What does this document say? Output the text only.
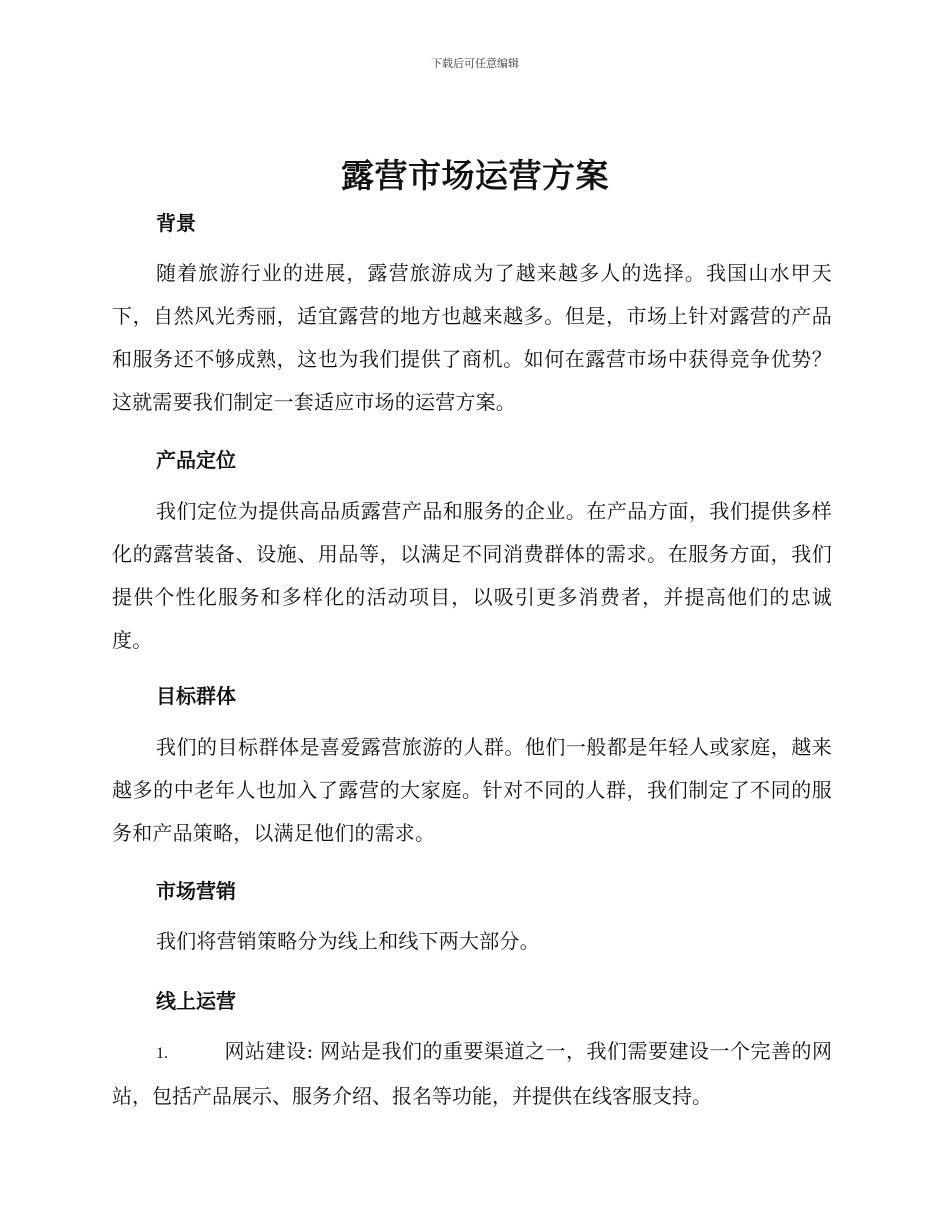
下载后可任意编辑
露营市场运营方案
背景

随着旅游行业的进展，露营旅游成为了越来越多人的选择。我国山水甲天下，自然风光秀丽，适宜露营的地方也越来越多。但是，市场上针对露营的产品和服务还不够成熟，这也为我们提供了商机。如何在露营市场中获得竞争优势？这就需要我们制定一套适应市场的运营方案。

产品定位

我们定位为提供高品质露营产品和服务的企业。在产品方面，我们提供多样化的露营装备、设施、用品等，以满足不同消费群体的需求。在服务方面，我们提供个性化服务和多样化的活动项目，以吸引更多消费者，并提高他们的忠诚度。

目标群体

我们的目标群体是喜爱露营旅游的人群。他们一般都是年轻人或家庭，越来越多的中老年人也加入了露营的大家庭。针对不同的人群，我们制定了不同的服务和产品策略，以满足他们的需求。

市场营销

我们将营销策略分为线上和线下两大部分。

线上运营

1.	网站建设: 网站是我们的重要渠道之一，我们需要建设一个完善的网站，包括产品展示、服务介绍、报名等功能，并提供在线客服支持。
